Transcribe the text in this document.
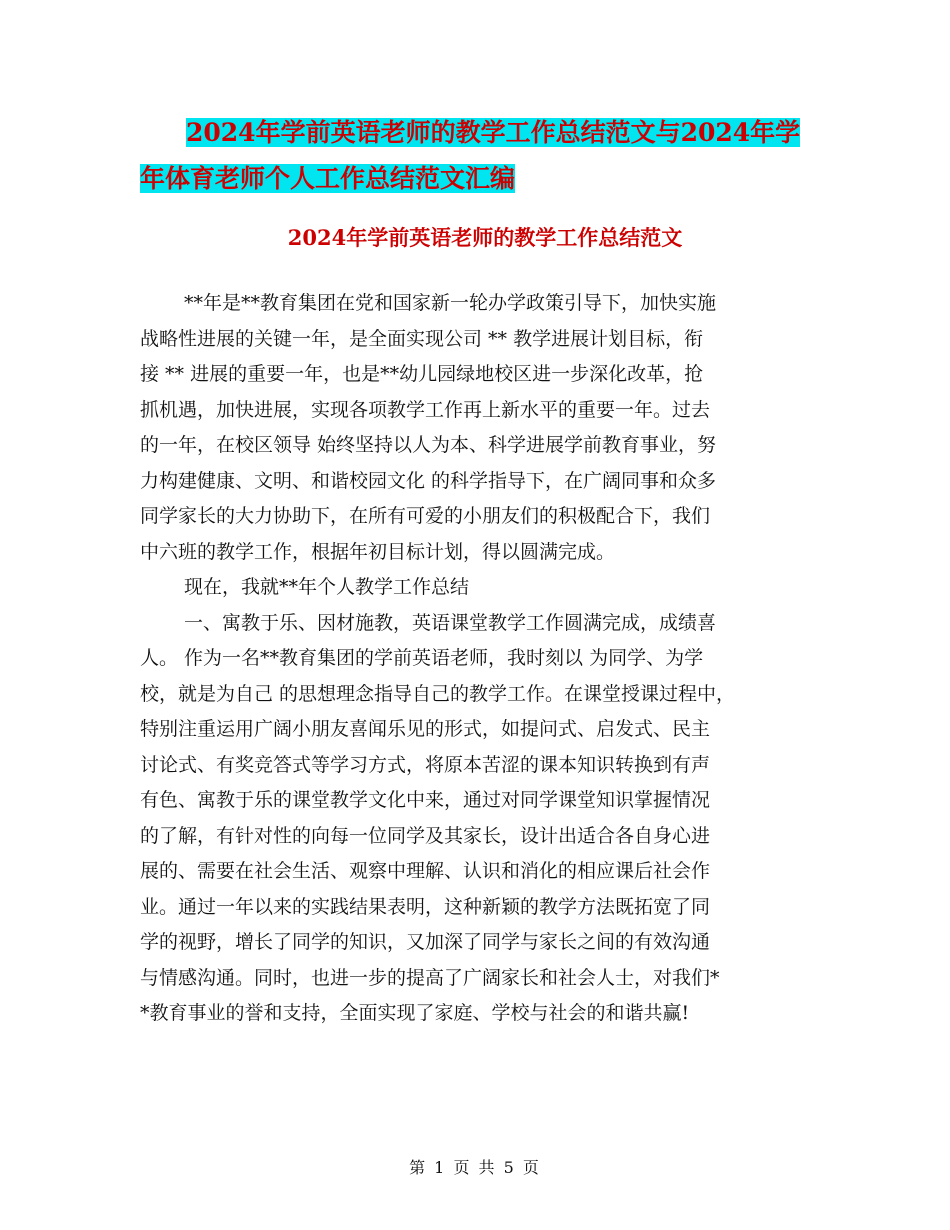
2024年学前英语老师的教学工作总结范文与2024年学
年体育老师个人工作总结范文汇编
2024年学前英语老师的教学工作总结范文

**年是**教育集团在党和国家新一轮办学政策引导下，加快实施
战略性进展的关键一年，是全面实现公司 ** 教学进展计划目标，衔
接 ** 进展的重要一年，也是**幼儿园绿地校区进一步深化改革，抢
抓机遇，加快进展，实现各项教学工作再上新水平的重要一年。过去
的一年，在校区领导 始终坚持以人为本、科学进展学前教育事业，努
力构建健康、文明、和谐校园文化 的科学指导下，在广阔同事和众多
同学家长的大力协助下，在所有可爱的小朋友们的积极配合下，我们
中六班的教学工作，根据年初目标计划，得以圆满完成。

现在，我就**年个人教学工作总结

一、寓教于乐、因材施教，英语课堂教学工作圆满完成，成绩喜
人。 作为一名**教育集团的学前英语老师，我时刻以 为同学、为学
校，就是为自己 的思想理念指导自己的教学工作。在课堂授课过程中，
特别注重运用广阔小朋友喜闻乐见的形式，如提问式、启发式、民主
讨论式、有奖竞答式等学习方式，将原本苦涩的课本知识转换到有声
有色、寓教于乐的课堂教学文化中来，通过对同学课堂知识掌握情况
的了解，有针对性的向每一位同学及其家长，设计出适合各自身心进
展的、需要在社会生活、观察中理解、认识和消化的相应课后社会作
业。通过一年以来的实践结果表明，这种新颖的教学方法既拓宽了同
学的视野，增长了同学的知识，又加深了同学与家长之间的有效沟通
与情感沟通。同时，也进一步的提高了广阔家长和社会人士，对我们*
*教育事业的誉和支持，全面实现了家庭、学校与社会的和谐共赢!

第 1 页 共 5 页
